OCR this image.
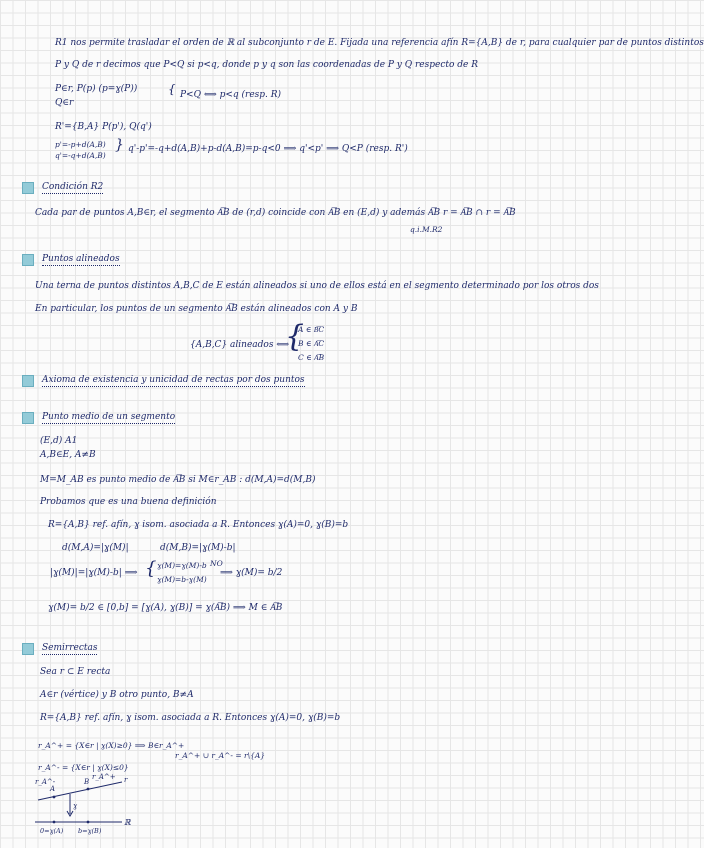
R1 nos permite trasladar el orden de ℝ al subconjunto r de E. Fijada una referencia afín R={A,B} de r, para cualquier par de puntos distintos
P y Q de r decimos que P<Q si p<q, donde p y q son las coordenadas de P y Q respecto de R
P∈r, P(p) (p=ɣ(P))	{ P<Q ⟺ p<q (resp. R)
Q∈r
R'={B,A} P(p'), Q(q')
p'=-p+d(A,B)
q'=-q+d(A,B)
} q'-p'=-q+d(A,B)+p-d(A,B)=p-q<0 ⟹ q'<p' ⟹ Q<P (resp. R')
Condición R2
Cada par de puntos A,B∈r, el segmento A͞B de (r,d) coincide con A͞B en (E,d) y además A͞B r = A͞B ∩ r = A͞B
q.i.M.R2
Puntos alineados
Una terna de puntos distintos A,B,C de E están alineados si uno de ellos está en el segmento determinado por los otros dos
En particular, los puntos de un segmento A͞B están alineados con A y B
{A,B,C} alineados ⟺
{
A ∈ B͞C
B ∈ A͞C
C ∈ A͞B
Axioma de existencia y unicidad de rectas por dos puntos
Punto medio de un segmento
(E,d) A1
A,B∈E, A≠B
M=M_AB es punto medio de A͞B si M∈r_AB : d(M,A)=d(M,B)
Probamos que es una buena definición
R={A,B} ref. afín, ɣ isom. asociada a R. Entonces ɣ(A)=0, ɣ(B)=b
d(M,A)=|ɣ(M)|	d(M,B)=|ɣ(M)-b|
|ɣ(M)|=|ɣ(M)-b| ⟹ { ɣ(M)=ɣ(M)-b NO
ɣ(M)=b-ɣ(M)
⟹ ɣ(M)= b/2
ɣ(M)= b/2 ∈ [0,b] = [ɣ(A), ɣ(B)] = ɣ(A͞B) ⟹ M ∈ A͞B
Semirrectas
Sea r ⊂ E recta
A∈r (vértice) y B otro punto, B≠A
R={A,B} ref. afín, ɣ isom. asociada a R. Entonces ɣ(A)=0, ɣ(B)=b
r_A^+ = {X∈r | ɣ(X)≥0} ⟹ B∈r_A^+
r_A^+ ∪ r_A^- = r\{A}
r_A^- = {X∈r | ɣ(X)≤0}
r_A^-
r_A^+
A
B	r
ɣ
ℝ
0=ɣ(A) b=ɣ(B)
